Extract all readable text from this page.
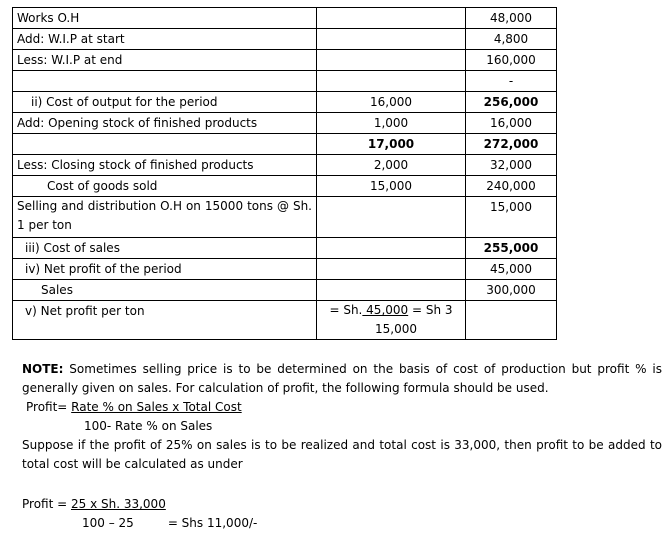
Works O.H		48,000
Add: W.I.P at start		4,800
Less: W.I.P at end		160,000
		-
ii) Cost of output for the period	16,000	256,000
Add: Opening stock of finished products	1,000	16,000
	17,000	272,000
Less: Closing stock of finished products	2,000	32,000
Cost of goods sold	15,000	240,000
Selling and distribution O.H on 15000 tons @ Sh. 1 per ton		15,000
iii) Cost of sales		255,000
iv) Net profit of the period		45,000
Sales		300,000
v) Net profit per ton	= Sh. 45,000 = Sh 3
15,000	

NOTE: Sometimes selling price is to be determined on the basis of cost of production but profit % is generally given on sales. For calculation of profit, the following formula should be used.

Profit= Rate % on Sales x Total Cost

100- Rate % on Sales

Suppose if the profit of 25% on sales is to be realized and total cost is 33,000, then profit to be added to total cost will be calculated as under

Profit = 25 x Sh. 33,000
100 – 25	= Shs 11,000/-
